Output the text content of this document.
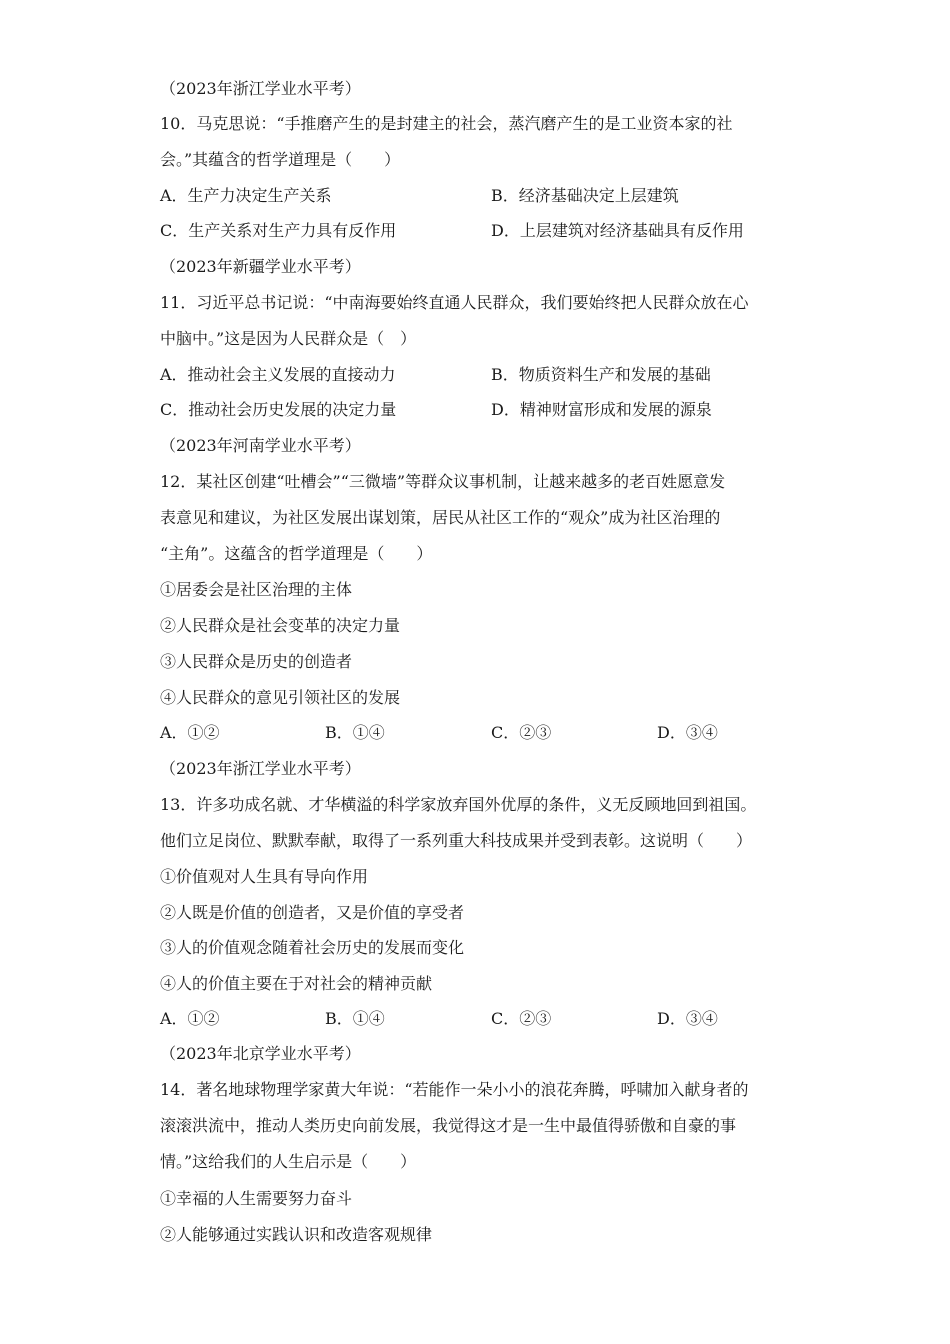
（2023年浙江学业水平考）
10．马克思说：“手推磨产生的是封建主的社会，蒸汽磨产生的是工业资本家的社
会。”其蕴含的哲学道理是（　　）
A．生产力决定生产关系	B．经济基础决定上层建筑
C．生产关系对生产力具有反作用	D．上层建筑对经济基础具有反作用
（2023年新疆学业水平考）
11．习近平总书记说：“中南海要始终直通人民群众，我们要始终把人民群众放在心
中脑中。”这是因为人民群众是（　）
A．推动社会主义发展的直接动力	B．物质资料生产和发展的基础
C．推动社会历史发展的决定力量	D．精神财富形成和发展的源泉
（2023年河南学业水平考）
12．某社区创建“吐槽会”“三微墙”等群众议事机制，让越来越多的老百姓愿意发
表意见和建议，为社区发展出谋划策，居民从社区工作的“观众”成为社区治理的
“主角”。这蕴含的哲学道理是（　　）
①居委会是社区治理的主体
②人民群众是社会变革的决定力量
③人民群众是历史的创造者
④人民群众的意见引领社区的发展
A．①②	B．①④	C．②③	D．③④
（2023年浙江学业水平考）
13．许多功成名就、才华横溢的科学家放弃国外优厚的条件，义无反顾地回到祖国。
他们立足岗位、默默奉献，取得了一系列重大科技成果并受到表彰。这说明（　　）
①价值观对人生具有导向作用
②人既是价值的创造者，又是价值的享受者
③人的价值观念随着社会历史的发展而变化
④人的价值主要在于对社会的精神贡献
A．①②	B．①④	C．②③	D．③④
（2023年北京学业水平考）
14．著名地球物理学家黄大年说：“若能作一朵小小的浪花奔腾，呼啸加入献身者的
滚滚洪流中，推动人类历史向前发展，我觉得这才是一生中最值得骄傲和自豪的事
情。”这给我们的人生启示是（　　）
①幸福的人生需要努力奋斗
②人能够通过实践认识和改造客观规律
